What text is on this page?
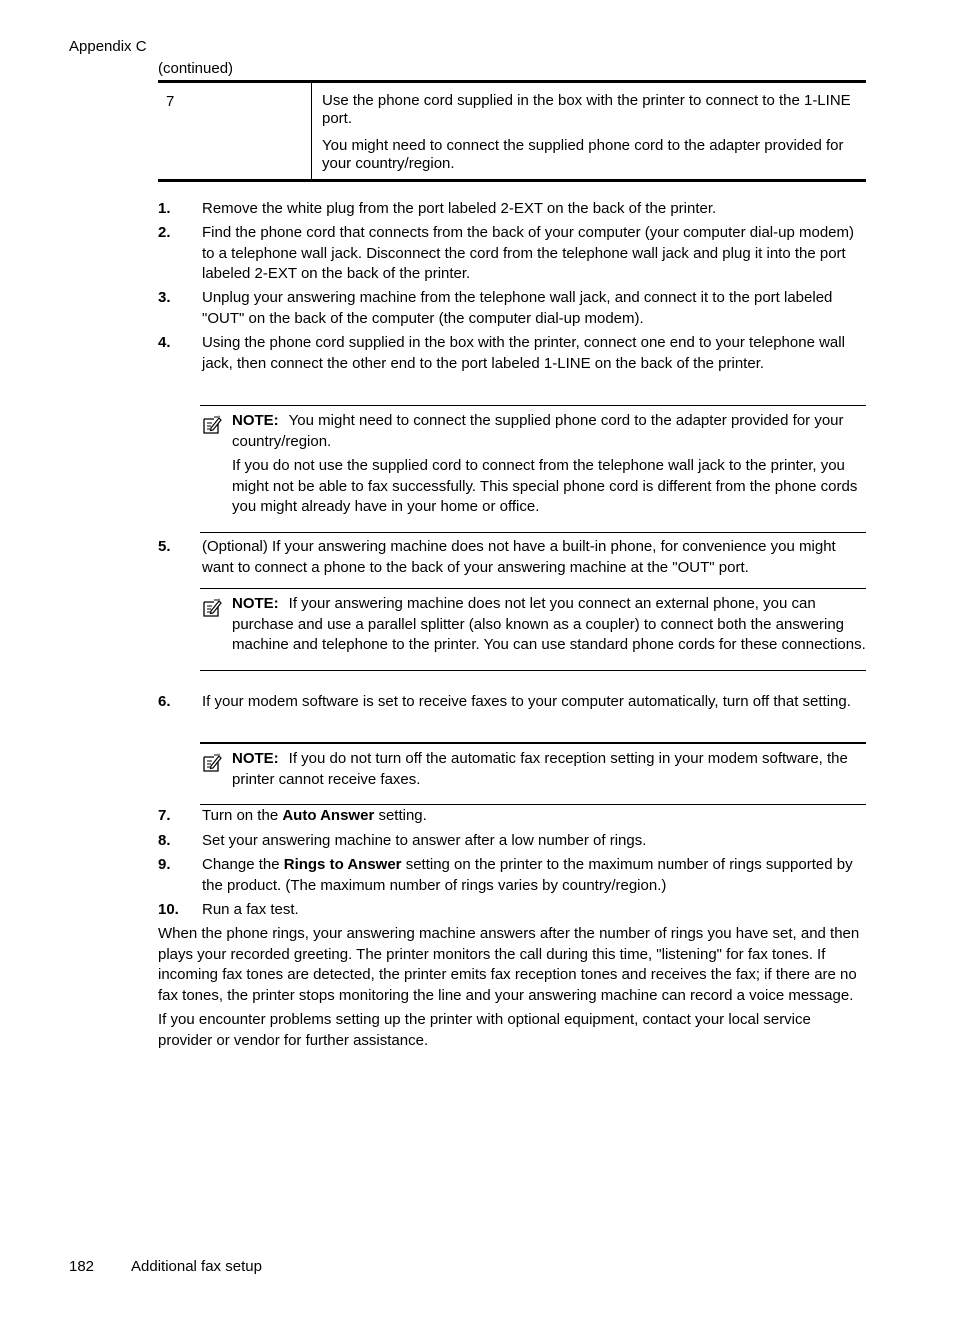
Appendix C
(continued)
7	Use the phone cord supplied in the box with the printer to connect to the 1-LINE port.

You might need to connect the supplied phone cord to the adapter provided for your country/region.

1. Remove the white plug from the port labeled 2-EXT on the back of the printer.
2. Find the phone cord that connects from the back of your computer (your computer dial-up modem) to a telephone wall jack. Disconnect the cord from the telephone wall jack and plug it into the port labeled 2-EXT on the back of the printer.
3. Unplug your answering machine from the telephone wall jack, and connect it to the port labeled "OUT" on the back of the computer (the computer dial-up modem).
4. Using the phone cord supplied in the box with the printer, connect one end to your telephone wall jack, then connect the other end to the port labeled 1-LINE on the back of the printer.

NOTE: You might need to connect the supplied phone cord to the adapter provided for your country/region.

If you do not use the supplied cord to connect from the telephone wall jack to the printer, you might not be able to fax successfully. This special phone cord is different from the phone cords you might already have in your home or office.

5. (Optional) If your answering machine does not have a built-in phone, for convenience you might want to connect a phone to the back of your answering machine at the "OUT" port.

NOTE: If your answering machine does not let you connect an external phone, you can purchase and use a parallel splitter (also known as a coupler) to connect both the answering machine and telephone to the printer. You can use standard phone cords for these connections.

6. If your modem software is set to receive faxes to your computer automatically, turn off that setting.

NOTE: If you do not turn off the automatic fax reception setting in your modem software, the printer cannot receive faxes.

7. Turn on the Auto Answer setting.
8. Set your answering machine to answer after a low number of rings.
9. Change the Rings to Answer setting on the printer to the maximum number of rings supported by the product. (The maximum number of rings varies by country/region.)
10. Run a fax test.

When the phone rings, your answering machine answers after the number of rings you have set, and then plays your recorded greeting. The printer monitors the call during this time, "listening" for fax tones. If incoming fax tones are detected, the printer emits fax reception tones and receives the fax; if there are no fax tones, the printer stops monitoring the line and your answering machine can record a voice message.

If you encounter problems setting up the printer with optional equipment, contact your local service provider or vendor for further assistance.

182 Additional fax setup
